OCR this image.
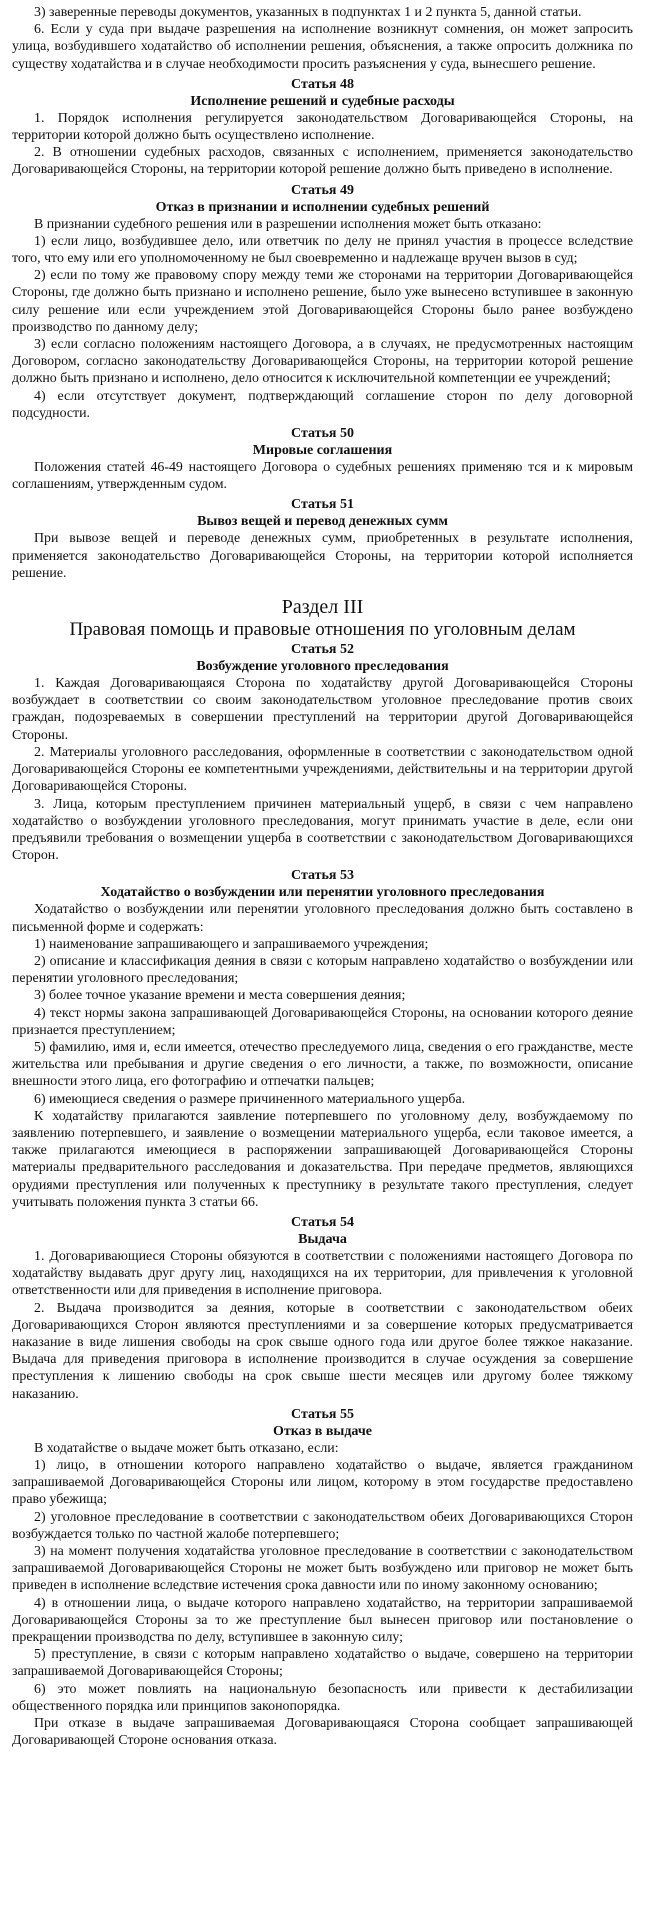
3) заверенные переводы документов, указанных в подпунктах 1 и 2 пункта 5, данной статьи.

6. Если у суда при выдаче разрешения на исполнение возникнут сомнения, он может запросить улица, возбудившего ходатайство об исполнении решения, объяснения, а также опросить должника по существу ходатайства и в случае необходимости просить разъяснения у суда, вынесшего решение.

Статья 48
Исполнение решений и судебные расходы

1. Порядок исполнения регулируется законодательством Договаривающейся Стороны, на территории которой должно быть осуществлено исполнение.

2. В отношении судебных расходов, связанных с исполнением, применяется законодательство Договаривающейся Стороны, на территории которой решение должно быть приведено в исполнение.

Статья 49
Отказ в признании и исполнении судебных решений

В признании судебного решения или в разрешении исполнения может быть отказано:

1) если лицо, возбудившее дело, или ответчик по делу не принял участия в процессе вследствие того, что ему или его уполномоченному не был своевременно и надлежаще вручен вызов в суд;

2) если по тому же правовому спору между теми же сторонами на территории Договаривающейся Стороны, где должно быть признано и исполнено решение, было уже вынесено вступившее в законную силу решение или если учреждением этой Договаривающейся Стороны было ранее возбуждено производство по данному делу;

3) если согласно положениям настоящего Договора, а в случаях, не предусмотренных настоящим Договором, согласно законодательству Договаривающейся Стороны, на территории которой решение должно быть признано и исполнено, дело относится к исключительной компетенции ее учреждений;

4) если отсутствует документ, подтверждающий соглашение сторон по делу договорной подсудности.

Статья 50
Мировые соглашения

Положения статей 46-49 настоящего Договора о судебных решениях применяю тся и к мировым соглашениям, утвержденным судом.

Статья 51
Вывоз вещей и перевод денежных сумм

При вывозе вещей и переводе денежных сумм, приобретенных в результате исполнения, применяется законодательство Договаривающейся Стороны, на территории которой исполняется решение.

Раздел III
Правовая помощь и правовые отношения по уголовным делам
Статья 52
Возбуждение уголовного преследования

1. Каждая Договаривающаяся Сторона по ходатайству другой Договаривающейся Стороны возбуждает в соответствии со своим законодательством уголовное преследование против своих граждан, подозреваемых в совершении преступлений на территории другой Договаривающейся Стороны.

2. Материалы уголовного расследования, оформленные в соответствии с законодательством одной Договаривающейся Стороны ее компетентными учреждениями, действительны и на территории другой Договаривающейся Стороны.

3. Лица, которым преступлением причинен материальный ущерб, в связи с чем направлено ходатайство о возбуждении уголовного преследования, могут принимать участие в деле, если они предъявили требования о возмещении ущерба в соответствии с законодательством Договаривающихся Сторон.

Статья 53
Ходатайство о возбуждении или перенятии уголовного преследования

Ходатайство о возбуждении или перенятии уголовного преследования должно быть составлено в письменной форме и содержать:

1) наименование запрашивающего и запрашиваемого учреждения;

2) описание и классификация деяния в связи с которым направлено ходатайство о возбуждении или перенятии уголовного преследования;

3) более точное указание времени и места совершения деяния;

4) текст нормы закона запрашивающей Договаривающейся Стороны, на основании которого деяние признается преступлением;

5) фамилию, имя и, если имеется, отечество преследуемого лица, сведения о его гражданстве, месте жительства или пребывания и другие сведения о его личности, а также, по возможности, описание внешности этого лица, его фотографию и отпечатки пальцев;

6) имеющиеся сведения о размере причиненного материального ущерба.

К ходатайству прилагаются заявление потерпевшего по уголовному делу, возбуждаемому по заявлению потерпевшего, и заявление о возмещении материального ущерба, если таковое имеется, а также прилагаются имеющиеся в распоряжении запрашивающей Договаривающейся Стороны материалы предварительного расследования и доказательства. При передаче предметов, являющихся орудиями преступления или полученных к преступнику в результате такого преступления, следует учитывать положения пункта 3 статьи 66.

Статья 54
Выдача

1. Договаривающиеся Стороны обязуются в соответствии с положениями настоящего Договора по ходатайству выдавать друг другу лиц, находящихся на их территории, для привлечения к уголовной ответственности или для приведения в исполнение приговора.

2. Выдача производится за деяния, которые в соответствии с законодательством обеих Договаривающихся Сторон являются преступлениями и за совершение которых предусматривается наказание в виде лишения свободы на срок свыше одного года или другое более тяжкое наказание. Выдача для приведения приговора в исполнение производится в случае осуждения за совершение преступления к лишению свободы на срок свыше шести месяцев или другому более тяжкому наказанию.

Статья 55
Отказ в выдаче

В ходатайстве о выдаче может быть отказано, если:

1) лицо, в отношении которого направлено ходатайство о выдаче, является гражданином запрашиваемой Договаривающейся Стороны или лицом, которому в этом государстве предоставлено право убежища;

2) уголовное преследование в соответствии с законодательством обеих Договаривающихся Сторон возбуждается только по частной жалобе потерпевшего;

3) на момент получения ходатайства уголовное преследование в соответствии с законодательством запрашиваемой Договаривающейся Стороны не может быть возбуждено или приговор не может быть приведен в исполнение вследствие истечения срока давности или по иному законному основанию;

4) в отношении лица, о выдаче которого направлено ходатайство, на территории запрашиваемой Договаривающейся Стороны за то же преступление был вынесен приговор или постановление о прекращении производства по делу, вступившее в законную силу;

5) преступление, в связи с которым направлено ходатайство о выдаче, совершено на территории запрашиваемой Договаривающейся Стороны;

6) это может повлиять на национальную безопасность или привести к дестабилизации общественного порядка или принципов законопорядка.

При отказе в выдаче запрашиваемая Договаривающаяся Сторона сообщает запрашивающей Договаривающей Стороне основания отказа.
